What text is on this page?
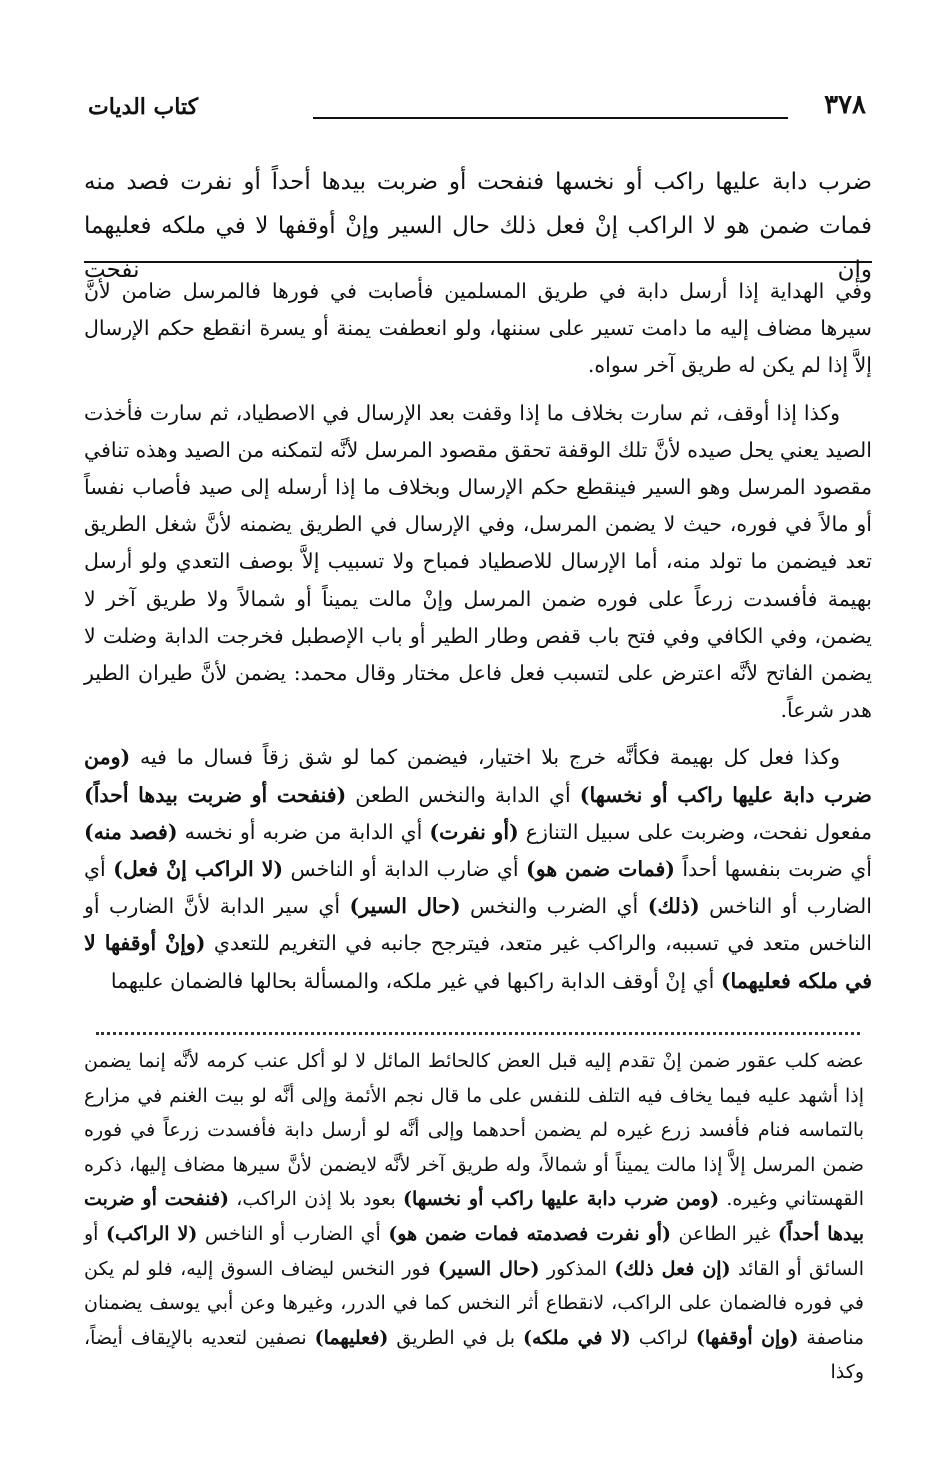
٣٧٨
كتاب الديات
ضرب دابة عليها راكب أو نخسها فنفحت أو ضربت بيدها أحداً أو نفرت فصد منه فمات ضمن هو لا الراكب إنْ فعل ذلك حال السير وإنْ أوقفها لا في ملكه فعليهما وإن نفحت

وفي الهداية إذا أرسل دابة في طريق المسلمين فأصابت في فورها فالمرسل ضامن لأنَّ سيرها مضاف إليه ما دامت تسير على سننها، ولو انعطفت يمنة أو يسرة انقطع حكم الإرسال إلاَّ إذا لم يكن له طريق آخر سواه.

وكذا إذا أوقف، ثم سارت بخلاف ما إذا وقفت بعد الإرسال في الاصطياد، ثم سارت فأخذت الصيد يعني يحل صيده لأنَّ تلك الوقفة تحقق مقصود المرسل لأنَّه لتمكنه من الصيد وهذه تنافي مقصود المرسل وهو السير فينقطع حكم الإرسال وبخلاف ما إذا أرسله إلى صيد فأصاب نفساً أو مالاً في فوره، حيث لا يضمن المرسل، وفي الإرسال في الطريق يضمنه لأنَّ شغل الطريق تعد فيضمن ما تولد منه، أما الإرسال للاصطياد فمباح ولا تسبيب إلاَّ بوصف التعدي ولو أرسل بهيمة فأفسدت زرعاً على فوره ضمن المرسل وإنْ مالت يميناً أو شمالاً ولا طريق آخر لا يضمن، وفي الكافي وفي فتح باب قفص وطار الطير أو باب الإصطبل فخرجت الدابة وضلت لا يضمن الفاتح لأنَّه اعترض على لتسبب فعل فاعل مختار وقال محمد: يضمن لأنَّ طيران الطير هدر شرعاً.

وكذا فعل كل بهيمة فكأنَّه خرج بلا اختيار، فيضمن كما لو شق زقاً فسال ما فيه (ومن ضرب دابة عليها راكب أو نخسها) أي الدابة والنخس الطعن (فنفحت أو ضربت بيدها أحداً) مفعول نفحت، وضربت على سبيل التنازع (أو نفرت) أي الدابة من ضربه أو نخسه (فصد منه) أي ضربت بنفسها أحداً (فمات ضمن هو) أي ضارب الدابة أو الناخس (لا الراكب إنْ فعل) أي الضارب أو الناخس (ذلك) أي الضرب والنخس (حال السير) أي سير الدابة لأنَّ الضارب أو الناخس متعد في تسببه، والراكب غير متعد، فيترجح جانبه في التغريم للتعدي (وإنْ أوقفها لا في ملكه فعليهما) أي إنْ أوقف الدابة راكبها في غير ملكه، والمسألة بحالها فالضمان عليهما

عضه كلب عقور ضمن إنْ تقدم إليه قبل العض كالحائط المائل لا لو أكل عنب كرمه لأنَّه إنما يضمن إذا أشهد عليه فيما يخاف فيه التلف للنفس على ما قال نجم الأئمة وإلى أنَّه لو بيت الغنم في مزارع بالتماسه فنام فأفسد زرع غيره لم يضمن أحدهما وإلى أنَّه لو أرسل دابة فأفسدت زرعاً في فوره ضمن المرسل إلاَّ إذا مالت يميناً أو شمالاً، وله طريق آخر لأنَّه لايضمن لأنَّ سيرها مضاف إليها، ذكره القهستاني وغيره. (ومن ضرب دابة عليها راكب أو نخسها) بعود بلا إذن الراكب، (فنفحت أو ضربت بيدها أحداً) غير الطاعن (أو نفرت فصدمته فمات ضمن هو) أي الضارب أو الناخس (لا الراكب) أو السائق أو القائد (إن فعل ذلك) المذكور (حال السير) فور النخس ليضاف السوق إليه، فلو لم يكن في فوره فالضمان على الراكب، لانقطاع أثر النخس كما في الدرر، وغيرها وعن أبي يوسف يضمنان مناصفة (وإن أوقفها) لراكب (لا في ملكه) بل في الطريق (فعليهما) نصفين لتعديه بالإيقاف أيضاً، وكذا
